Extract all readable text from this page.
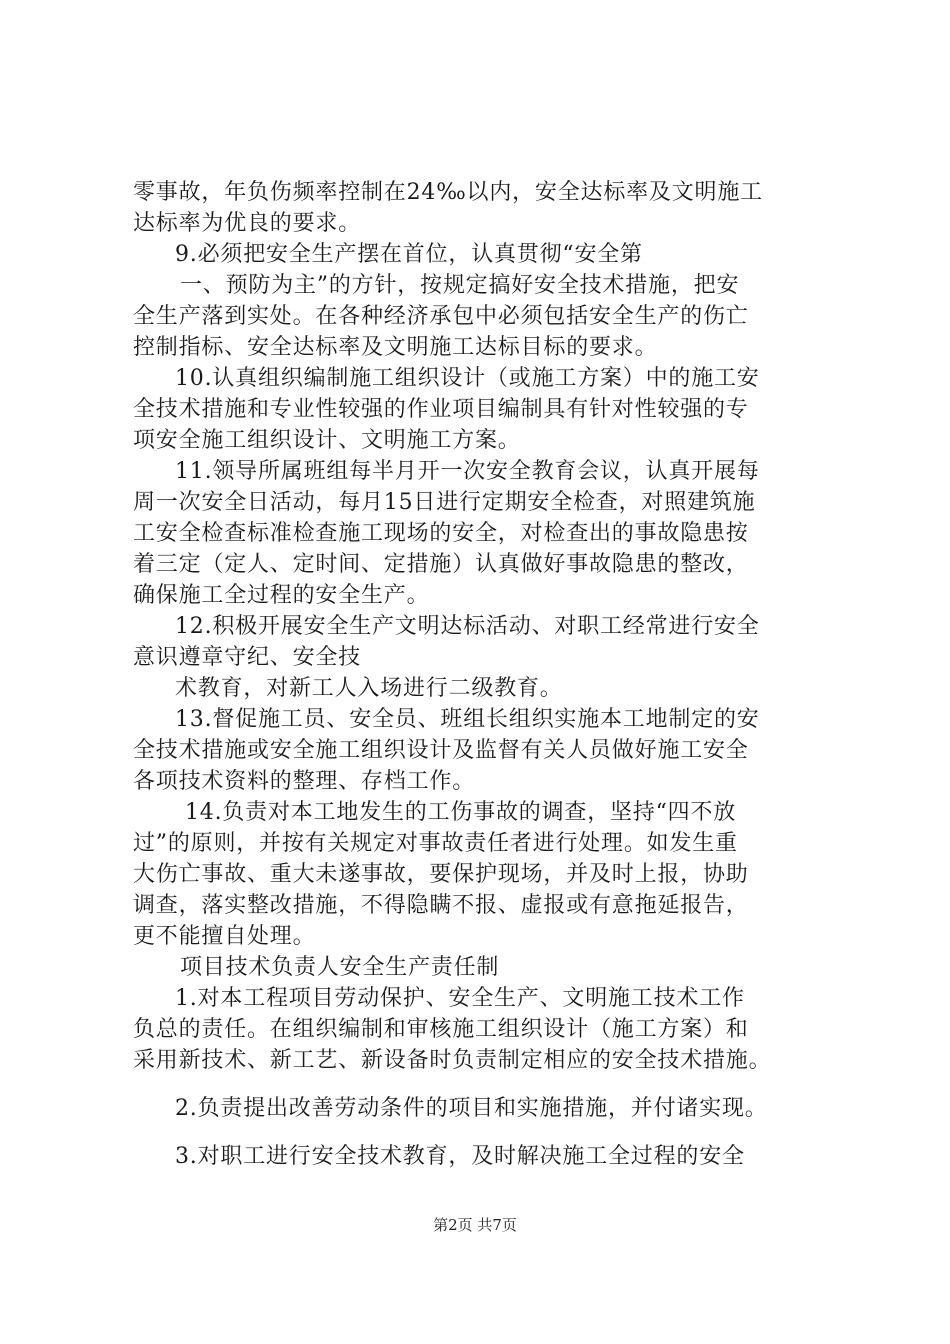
零事故，年负伤频率控制在24‰以内，安全达标率及文明施工
达标率为优良的要求。
9.必须把安全生产摆在首位，认真贯彻“安全第
一、预防为主”的方针，按规定搞好安全技术措施，把安
全生产落到实处。在各种经济承包中必须包括安全生产的伤亡
控制指标、安全达标率及文明施工达标目标的要求。
10.认真组织编制施工组织设计（或施工方案）中的施工安
全技术措施和专业性较强的作业项目编制具有针对性较强的专
项安全施工组织设计、文明施工方案。
11.领导所属班组每半月开一次安全教育会议，认真开展每
周一次安全日活动，每月15日进行定期安全检查，对照建筑施
工安全检查标准检查施工现场的安全，对检查出的事故隐患按
着三定（定人、定时间、定措施）认真做好事故隐患的整改，
确保施工全过程的安全生产。
12.积极开展安全生产文明达标活动、对职工经常进行安全
意识遵章守纪、安全技
术教育，对新工人入场进行二级教育。
13.督促施工员、安全员、班组长组织实施本工地制定的安
全技术措施或安全施工组织设计及监督有关人员做好施工安全
各项技术资料的整理、存档工作。
14.负责对本工地发生的工伤事故的调查，坚持“四不放
过”的原则，并按有关规定对事故责任者进行处理。如发生重
大伤亡事故、重大未遂事故，要保护现场，并及时上报，协助
调查，落实整改措施，不得隐瞒不报、虚报或有意拖延报告，
更不能擅自处理。
项目技术负责人安全生产责任制
1.对本工程项目劳动保护、安全生产、文明施工技术工作
负总的责任。在组织编制和审核施工组织设计（施工方案）和
采用新技术、新工艺、新设备时负责制定相应的安全技术措施。
2.负责提出改善劳动条件的项目和实施措施，并付诸实现。
3.对职工进行安全技术教育，及时解决施工全过程的安全
第2页 共7页
